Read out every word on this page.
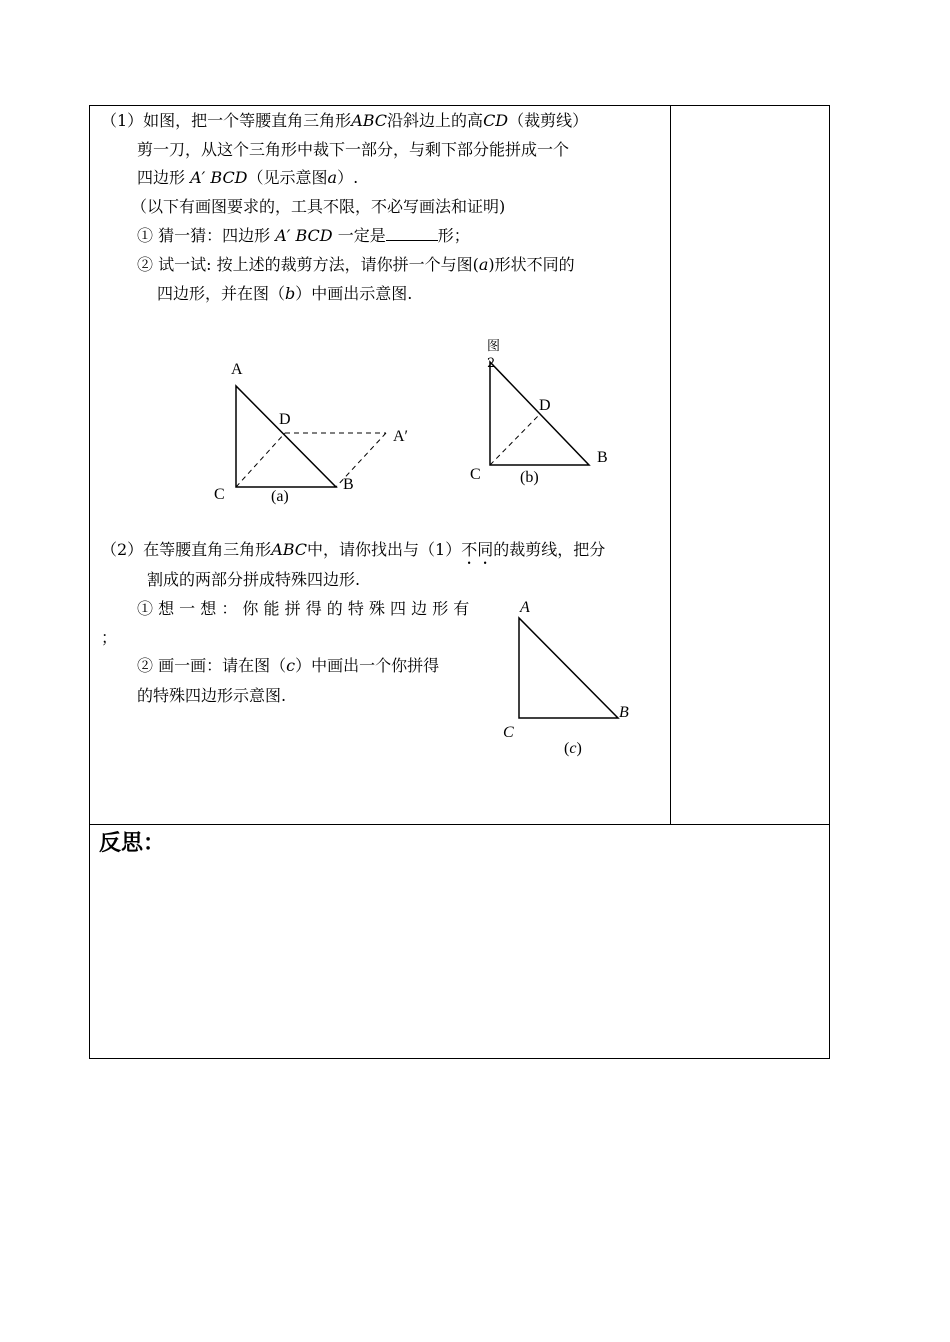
（1）如图，把一个等腰直角三角形ABC沿斜边上的高CD（裁剪线）
剪一刀，从这个三角形中裁下一部分，与剩下部分能拼成一个
四边形 A′ BCD（见示意图a）.
（以下有画图要求的，工具不限，不必写画法和证明)
① 猜一猜：四边形 A′ BCD 一定是	形；
② 试一试: 按上述的裁剪方法，请你拼一个与图(a)形状不同的
四边形，并在图（b）中画出示意图.
A
D
A′
C
B
(a)
图
2
D
C
B
(b)
（2）在等腰直角三角形ABC中，请你找出与（1）不同的裁剪线，把分
割成的两部分拼成特殊四边形.
① 想 一 想 ： 你 能 拼 得 的 特 殊 四 边 形 有
；
② 画一画：请在图（c）中画出一个你拼得
的特殊四边形示意图.
A
B
C
(c)
反思：
